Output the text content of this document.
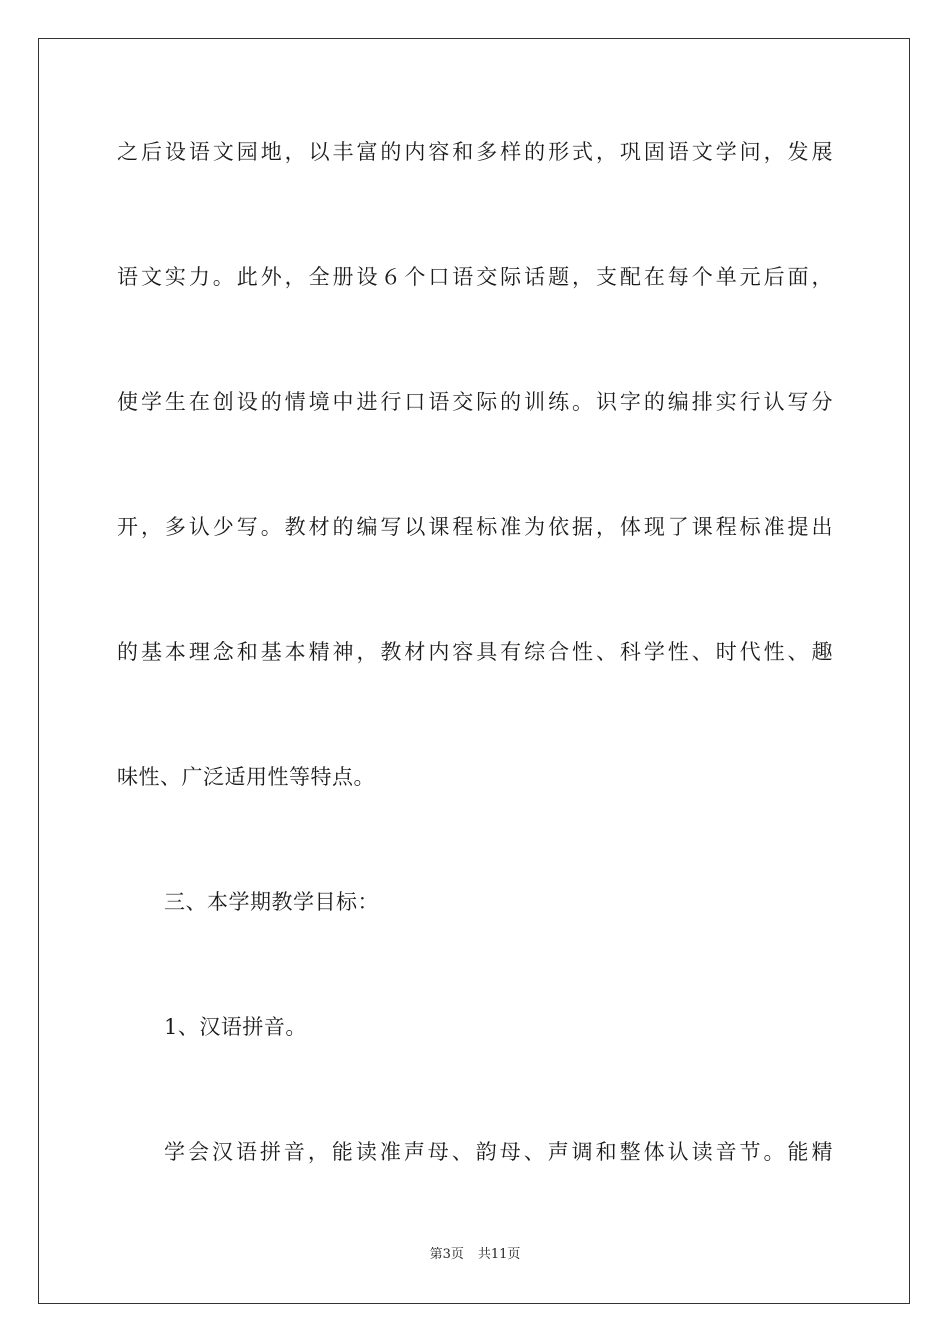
之后设语文园地，以丰富的内容和多样的形式，巩固语文学问，发展
语文实力。此外，全册设６个口语交际话题，支配在每个单元后面，
使学生在创设的情境中进行口语交际的训练。识字的编排实行认写分
开，多认少写。教材的编写以课程标准为依据，体现了课程标准提出
的基本理念和基本精神，教材内容具有综合性、科学性、时代性、趣
味性、广泛适用性等特点。
三、本学期教学目标：
1、汉语拼音。
学会汉语拼音，能读准声母、韵母、声调和整体认读音节。能精
第3页 共11页
